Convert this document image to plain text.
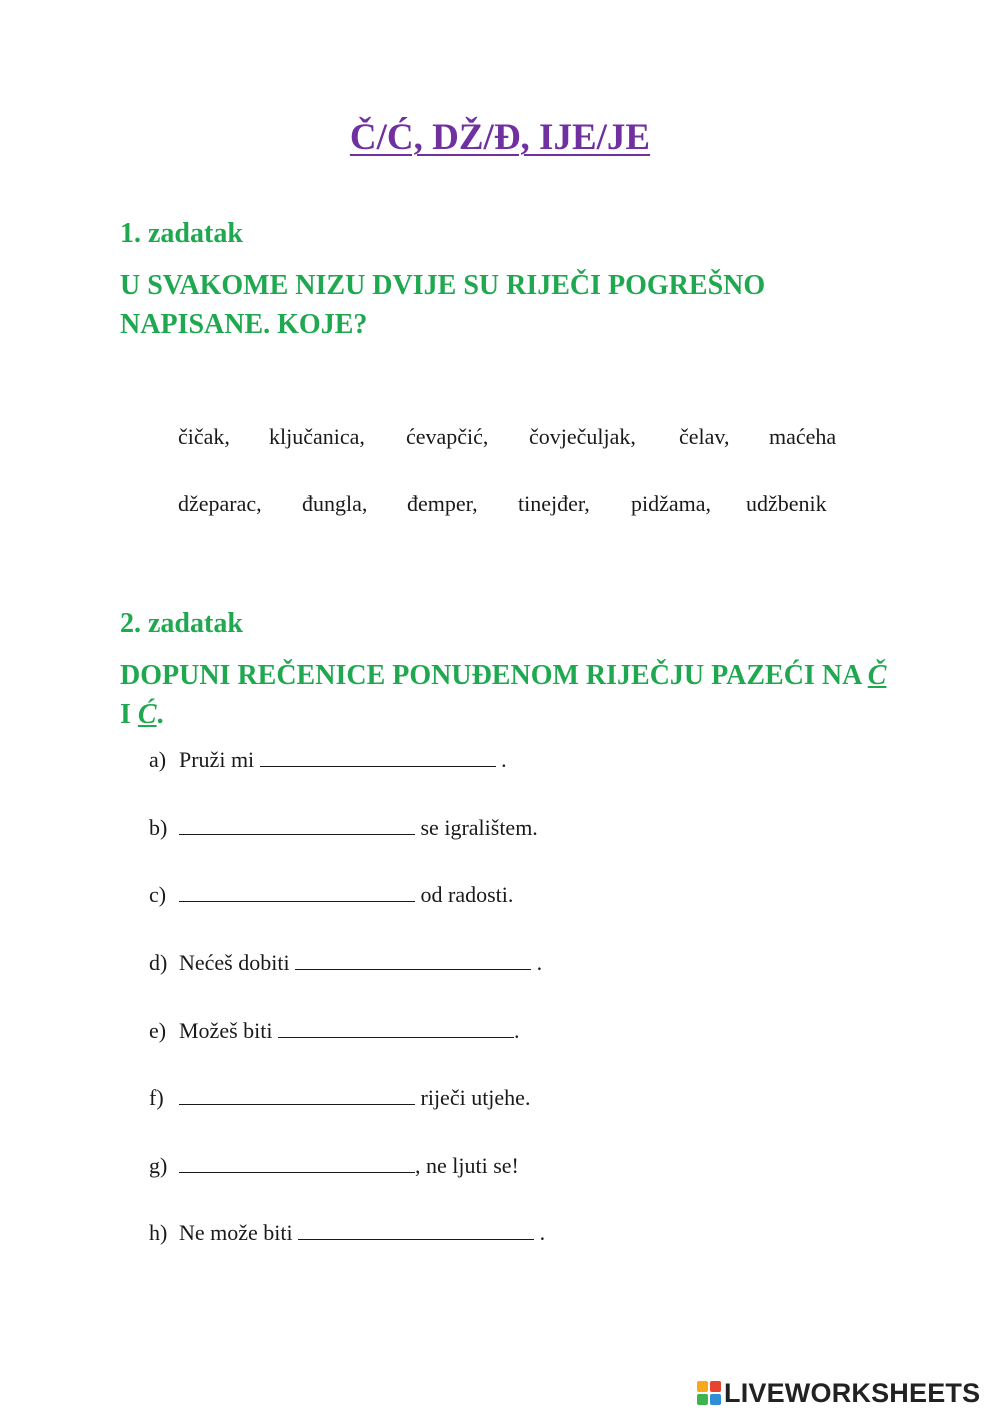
Č/Ć, DŽ/Đ, IJE/JE
1. zadatak
U SVAKOME NIZU DVIJE SU RIJEČI POGREŠNO NAPISANE. KOJE?
čičak, ključanica, ćevapčić, čovječuljak, čelav, maćeha
džeparac, đungla, đemper, tinejđer, pidžama, udžbenik
2. zadatak
DOPUNI REČENICE PONUĐENOM RIJEČJU PAZEĆI NA Č I Ć.
a) Pruži mi	.
b)	se igralištem.
c)	od radosti.
d) Nećeš dobiti	.
e) Možeš biti	.
f)	riječi utjehe.
g)	, ne ljuti se!
h) Ne može biti	.
LIVEWORKSHEETS
